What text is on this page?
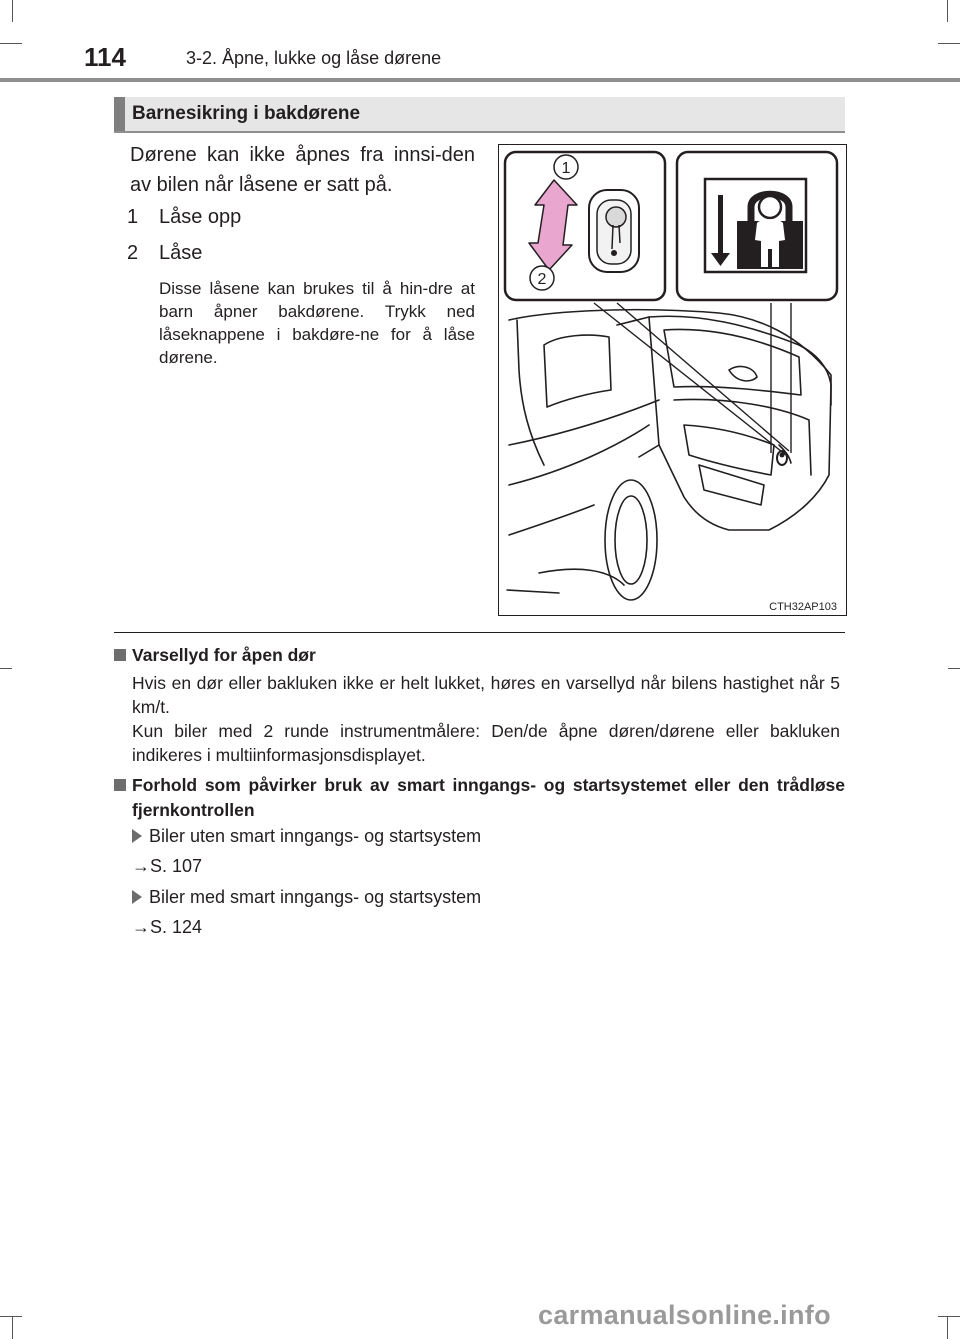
114	3-2. Åpne, lukke og låse dørene
Barnesikring i bakdørene
Dørene kan ikke åpnes fra innsi-den av bilen når låsene er satt på.
1 Låse opp
2 Låse
Disse låsene kan brukes til å hin-dre at barn åpner bakdørene. Trykk ned låseknappene i bakdøre-ne for å låse dørene.
1
2
CTH32AP103
Varsellyd for åpen dør
Hvis en dør eller bakluken ikke er helt lukket, høres en varsellyd når bilens hastighet når 5 km/t.
Kun biler med 2 runde instrumentmålere: Den/de åpne døren/dørene eller bakluken indikeres i multiinformasjonsdisplayet.
Forhold som påvirker bruk av smart inngangs- og startsystemet eller den trådløse fjernkontrollen
Biler uten smart inngangs- og startsystem
→S. 107
Biler med smart inngangs- og startsystem
→S. 124
carmanualsonline.info
